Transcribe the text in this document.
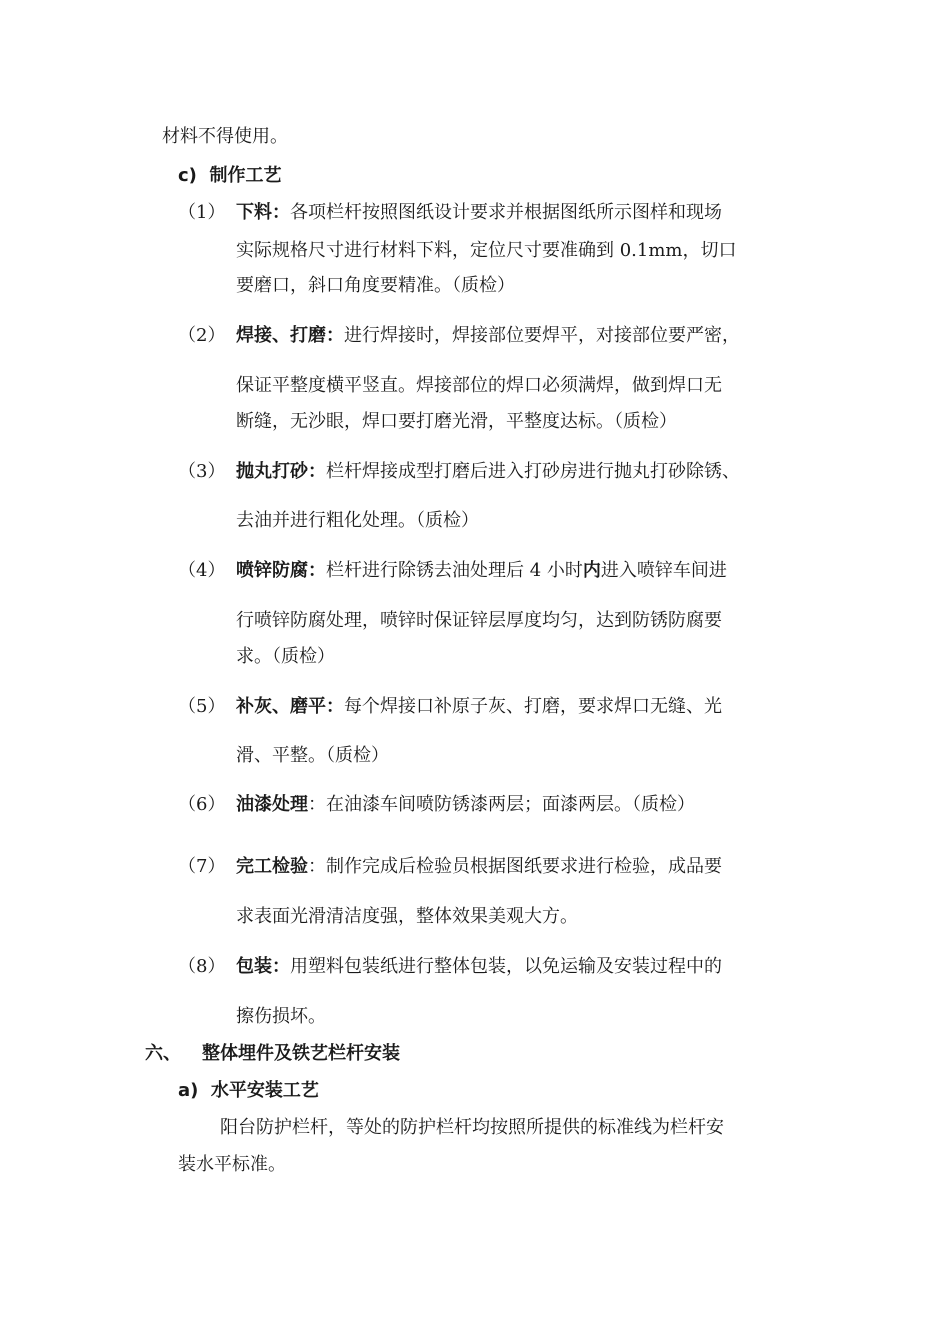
材料不得使用。
c) 制作工艺
（1） 下料：各项栏杆按照图纸设计要求并根据图纸所示图样和现场
实际规格尺寸进行材料下料，定位尺寸要准确到 0.1mm，切口
要磨口，斜口角度要精准。（质检）
（2） 焊接、打磨：进行焊接时，焊接部位要焊平，对接部位要严密，
保证平整度横平竖直。焊接部位的焊口必须满焊，做到焊口无
断缝，无沙眼，焊口要打磨光滑，平整度达标。（质检）
（3） 抛丸打砂：栏杆焊接成型打磨后进入打砂房进行抛丸打砂除锈、
去油并进行粗化处理。（质检）
（4） 喷锌防腐：栏杆进行除锈去油处理后 4 小时内进入喷锌车间进
行喷锌防腐处理，喷锌时保证锌层厚度均匀，达到防锈防腐要
求。（质检）
（5） 补灰、磨平：每个焊接口补原子灰、打磨，要求焊口无缝、光
滑、平整。（质检）
（6） 油漆处理：在油漆车间喷防锈漆两层；面漆两层。（质检）
（7） 完工检验：制作完成后检验员根据图纸要求进行检验，成品要
求表面光滑清洁度强，整体效果美观大方。
（8） 包装：用塑料包装纸进行整体包装，以免运输及安装过程中的
擦伤损坏。
六、 整体埋件及铁艺栏杆安装
a) 水平安装工艺
阳台防护栏杆，等处的防护栏杆均按照所提供的标准线为栏杆安
装水平标准。
